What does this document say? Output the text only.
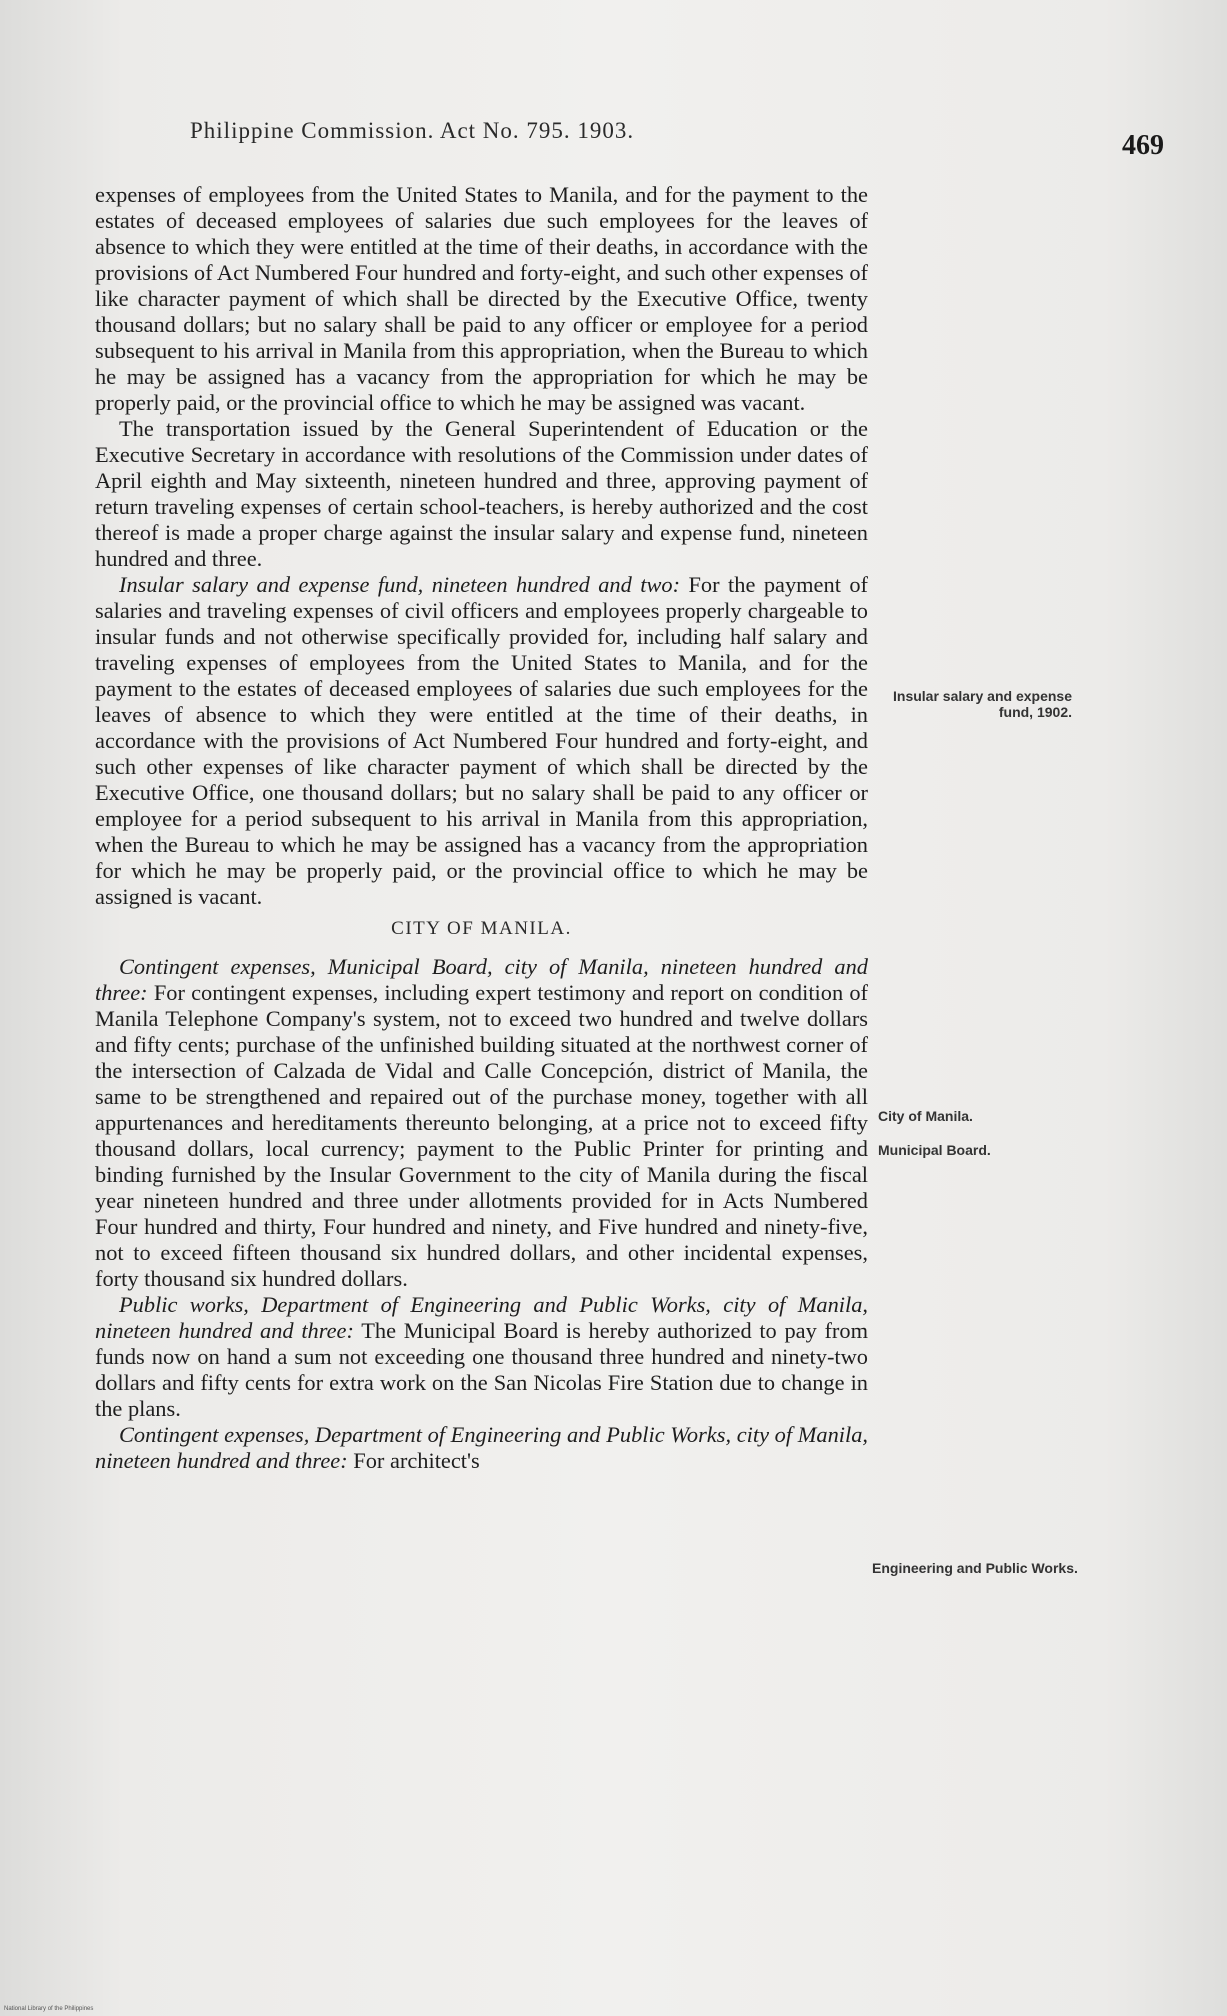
Philippine Commission. Act No. 795. 1903.	469

expenses of employees from the United States to Manila, and for the payment to the estates of deceased employees of salaries due such employees for the leaves of absence to which they were entitled at the time of their deaths, in accordance with the provisions of Act Numbered Four hundred and forty-eight, and such other expenses of like character payment of which shall be directed by the Executive Office, twenty thousand dollars; but no salary shall be paid to any officer or employee for a period subsequent to his arrival in Manila from this appropriation, when the Bureau to which he may be assigned has a vacancy from the appropriation for which he may be properly paid, or the provincial office to which he may be assigned was vacant.

The transportation issued by the General Superintendent of Education or the Executive Secretary in accordance with resolutions of the Commission under dates of April eighth and May sixteenth, nineteen hundred and three, approving payment of return traveling expenses of certain school-teachers, is hereby authorized and the cost thereof is made a proper charge against the insular salary and expense fund, nineteen hundred and three.

Insular salary and expense fund, nineteen hundred and two: For the payment of salaries and traveling expenses of civil officers and employees properly chargeable to insular funds and not otherwise specifically provided for, including half salary and traveling expenses of employees from the United States to Manila, and for the payment to the estates of deceased employees of salaries due such employees for the leaves of absence to which they were entitled at the time of their deaths, in accordance with the provisions of Act Numbered Four hundred and forty-eight, and such other expenses of like character payment of which shall be directed by the Executive Office, one thousand dollars; but no salary shall be paid to any officer or employee for a period subsequent to his arrival in Manila from this appropriation, when the Bureau to which he may be assigned has a vacancy from the appropriation for which he may be properly paid, or the provincial office to which he may be assigned is vacant.

CITY OF MANILA.

Contingent expenses, Municipal Board, city of Manila, nineteen hundred and three: For contingent expenses, including expert testimony and report on condition of Manila Telephone Company's system, not to exceed two hundred and twelve dollars and fifty cents; purchase of the unfinished building situated at the northwest corner of the intersection of Calzada de Vidal and Calle Concepción, district of Manila, the same to be strengthened and repaired out of the purchase money, together with all appurtenances and hereditaments thereunto belonging, at a price not to exceed fifty thousand dollars, local currency; payment to the Public Printer for printing and binding furnished by the Insular Government to the city of Manila during the fiscal year nineteen hundred and three under allotments provided for in Acts Numbered Four hundred and thirty, Four hundred and ninety, and Five hundred and ninety-five, not to exceed fifteen thousand six hundred dollars, and other incidental expenses, forty thousand six hundred dollars.

Public works, Department of Engineering and Public Works, city of Manila, nineteen hundred and three: The Municipal Board is hereby authorized to pay from funds now on hand a sum not exceeding one thousand three hundred and ninety-two dollars and fifty cents for extra work on the San Nicolas Fire Station due to change in the plans.

Contingent expenses, Department of Engineering and Public Works, city of Manila, nineteen hundred and three: For architect's

Insular salary and expense fund, 1902.
City of Manila.
Municipal Board.
Engineering and Public Works.
National Library of the Philippines
